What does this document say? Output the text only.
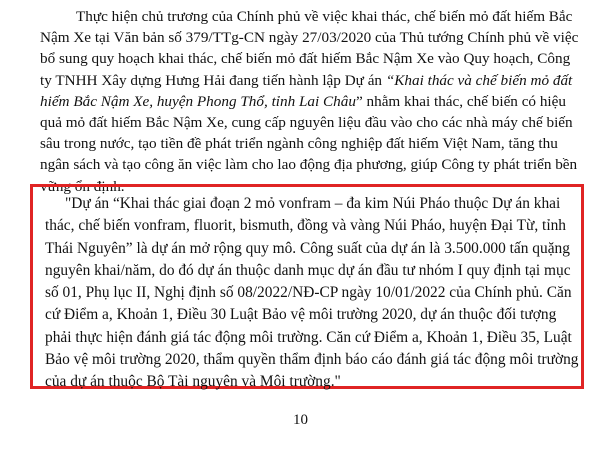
Thực hiện chủ trương của Chính phủ về việc khai thác, chế biến mỏ đất hiếm Bắc
Nậm Xe tại Văn bản số 379/TTg-CN ngày 27/03/2020 của Thủ tướng Chính phủ về việc
bổ sung quy hoạch khai thác, chế biến mỏ đất hiếm Bắc Nậm Xe vào Quy hoạch, Công
ty TNHH Xây dựng Hưng Hải đang tiến hành lập Dự án “Khai thác và chế biến mỏ đất
hiếm Bắc Nậm Xe, huyện Phong Thổ, tỉnh Lai Châu” nhằm khai thác, chế biến có hiệu
quả mỏ đất hiếm Bắc Nậm Xe, cung cấp nguyên liệu đầu vào cho các nhà máy chế biến
sâu trong nước, tạo tiền đề phát triển ngành công nghiệp đất hiếm Việt Nam, tăng thu
ngân sách và tạo công ăn việc làm cho lao động địa phương, giúp Công ty phát triển bền
vững ổn định.
"Dự án “Khai thác giai đoạn 2 mỏ vonfram – đa kim Núi Pháo thuộc Dự án khai
thác, chế biến vonfram, fluorit, bismuth, đồng và vàng Núi Pháo, huyện Đại Từ, tỉnh
Thái Nguyên” là dự án mở rộng quy mô. Công suất của dự án là 3.500.000 tấn quặng
nguyên khai/năm, do đó dự án thuộc danh mục dự án đầu tư nhóm I quy định tại mục
số 01, Phụ lục II, Nghị định số 08/2022/NĐ-CP ngày 10/01/2022 của Chính phủ. Căn
cứ Điểm a, Khoản 1, Điều 30 Luật Bảo vệ môi trường 2020, dự án thuộc đối tượng
phải thực hiện đánh giá tác động môi trường. Căn cứ Điểm a, Khoản 1, Điều 35, Luật
Bảo vệ môi trường 2020, thẩm quyền thẩm định báo cáo đánh giá tác động môi trường
của dự án thuộc Bộ Tài nguyên và Môi trường."
10
